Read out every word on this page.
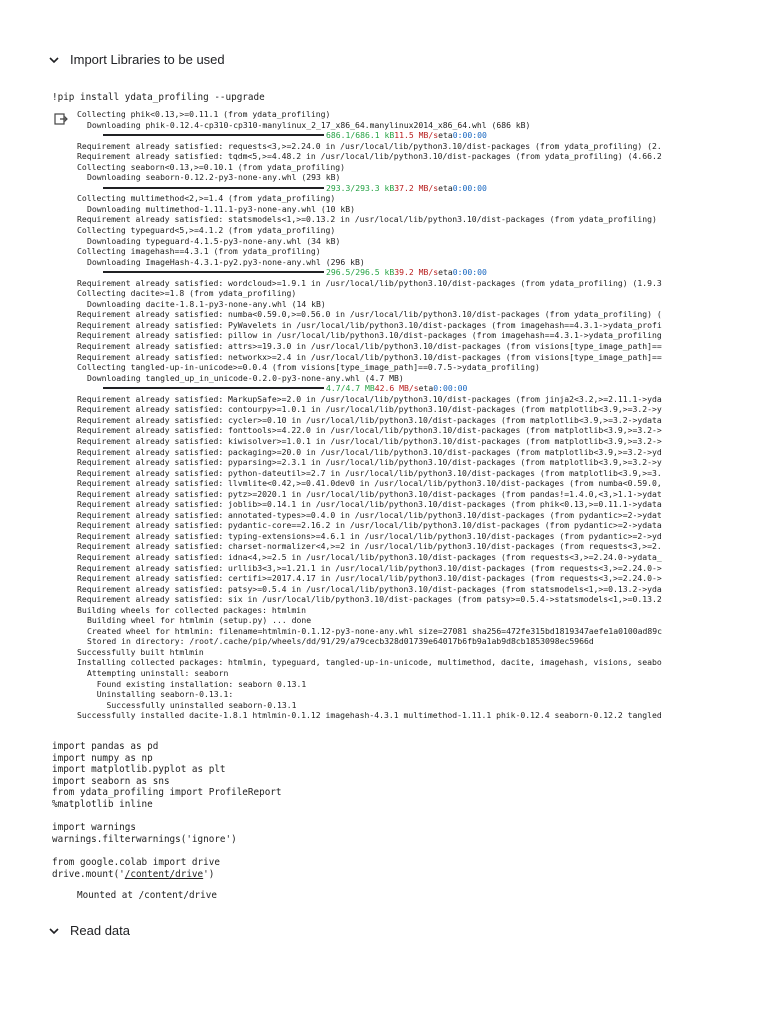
Import Libraries to be used
!pip install ydata_profiling --upgrade
Collecting phik<0.13,>=0.11.1 (from ydata_profiling)
Downloading phik-0.12.4-cp310-cp310-manylinux_2_17_x86_64.manylinux2014_x86_64.whl (686 kB)
686.1/686.1 kB 11.5 MB/s eta 0:00:00
Requirement already satisfied: requests<3,>=2.24.0 in /usr/local/lib/python3.10/dist-packages (from ydata_profiling) (2.
Requirement already satisfied: tqdm<5,>=4.48.2 in /usr/local/lib/python3.10/dist-packages (from ydata_profiling) (4.66.2
Collecting seaborn<0.13,>=0.10.1 (from ydata_profiling)
Downloading seaborn-0.12.2-py3-none-any.whl (293 kB)
293.3/293.3 kB 37.2 MB/s eta 0:00:00
Collecting multimethod<2,>=1.4 (from ydata_profiling)
Downloading multimethod-1.11.1-py3-none-any.whl (10 kB)
Requirement already satisfied: statsmodels<1,>=0.13.2 in /usr/local/lib/python3.10/dist-packages (from ydata_profiling)
Collecting typeguard<5,>=4.1.2 (from ydata_profiling)
Downloading typeguard-4.1.5-py3-none-any.whl (34 kB)
Collecting imagehash==4.3.1 (from ydata_profiling)
Downloading ImageHash-4.3.1-py2.py3-none-any.whl (296 kB)
296.5/296.5 kB 39.2 MB/s eta 0:00:00
Requirement already satisfied: wordcloud>=1.9.1 in /usr/local/lib/python3.10/dist-packages (from ydata_profiling) (1.9.3
Collecting dacite>=1.8 (from ydata_profiling)
Downloading dacite-1.8.1-py3-none-any.whl (14 kB)
Requirement already satisfied: numba<0.59.0,>=0.56.0 in /usr/local/lib/python3.10/dist-packages (from ydata_profiling) (
Requirement already satisfied: PyWavelets in /usr/local/lib/python3.10/dist-packages (from imagehash==4.3.1->ydata_profi
Requirement already satisfied: pillow in /usr/local/lib/python3.10/dist-packages (from imagehash==4.3.1->ydata_profiling
Requirement already satisfied: attrs>=19.3.0 in /usr/local/lib/python3.10/dist-packages (from visions[type_image_path]==
Requirement already satisfied: networkx>=2.4 in /usr/local/lib/python3.10/dist-packages (from visions[type_image_path]==
Collecting tangled-up-in-unicode>=0.0.4 (from visions[type_image_path]==0.7.5->ydata_profiling)
Downloading tangled_up_in_unicode-0.2.0-py3-none-any.whl (4.7 MB)
4.7/4.7 MB 42.6 MB/s eta 0:00:00
Requirement already satisfied: MarkupSafe>=2.0 in /usr/local/lib/python3.10/dist-packages (from jinja2<3.2,>=2.11.1->yda
Requirement already satisfied: contourpy>=1.0.1 in /usr/local/lib/python3.10/dist-packages (from matplotlib<3.9,>=3.2->y
Requirement already satisfied: cycler>=0.10 in /usr/local/lib/python3.10/dist-packages (from matplotlib<3.9,>=3.2->ydata
Requirement already satisfied: fonttools>=4.22.0 in /usr/local/lib/python3.10/dist-packages (from matplotlib<3.9,>=3.2->
Requirement already satisfied: kiwisolver>=1.0.1 in /usr/local/lib/python3.10/dist-packages (from matplotlib<3.9,>=3.2->
Requirement already satisfied: packaging>=20.0 in /usr/local/lib/python3.10/dist-packages (from matplotlib<3.9,>=3.2->yd
Requirement already satisfied: pyparsing>=2.3.1 in /usr/local/lib/python3.10/dist-packages (from matplotlib<3.9,>=3.2->y
Requirement already satisfied: python-dateutil>=2.7 in /usr/local/lib/python3.10/dist-packages (from matplotlib<3.9,>=3.
Requirement already satisfied: llvmlite<0.42,>=0.41.0dev0 in /usr/local/lib/python3.10/dist-packages (from numba<0.59.0,
Requirement already satisfied: pytz>=2020.1 in /usr/local/lib/python3.10/dist-packages (from pandas!=1.4.0,<3,>1.1->ydat
Requirement already satisfied: joblib>=0.14.1 in /usr/local/lib/python3.10/dist-packages (from phik<0.13,>=0.11.1->ydata
Requirement already satisfied: annotated-types>=0.4.0 in /usr/local/lib/python3.10/dist-packages (from pydantic>=2->ydat
Requirement already satisfied: pydantic-core==2.16.2 in /usr/local/lib/python3.10/dist-packages (from pydantic>=2->ydata
Requirement already satisfied: typing-extensions>=4.6.1 in /usr/local/lib/python3.10/dist-packages (from pydantic>=2->yd
Requirement already satisfied: charset-normalizer<4,>=2 in /usr/local/lib/python3.10/dist-packages (from requests<3,>=2.
Requirement already satisfied: idna<4,>=2.5 in /usr/local/lib/python3.10/dist-packages (from requests<3,>=2.24.0->ydata_
Requirement already satisfied: urllib3<3,>=1.21.1 in /usr/local/lib/python3.10/dist-packages (from requests<3,>=2.24.0->
Requirement already satisfied: certifi>=2017.4.17 in /usr/local/lib/python3.10/dist-packages (from requests<3,>=2.24.0->
Requirement already satisfied: patsy>=0.5.4 in /usr/local/lib/python3.10/dist-packages (from statsmodels<1,>=0.13.2->yda
Requirement already satisfied: six in /usr/local/lib/python3.10/dist-packages (from patsy>=0.5.4->statsmodels<1,>=0.13.2
Building wheels for collected packages: htmlmin
Building wheel for htmlmin (setup.py) ... done
Created wheel for htmlmin: filename=htmlmin-0.1.12-py3-none-any.whl size=27081 sha256=472fe315bd1819347aefe1a0100ad89c
Stored in directory: /root/.cache/pip/wheels/dd/91/29/a79cecb328d01739e64017b6fb9a1ab9d8cb1853098ec5966d
Successfully built htmlmin
Installing collected packages: htmlmin, typeguard, tangled-up-in-unicode, multimethod, dacite, imagehash, visions, seabo
Attempting uninstall: seaborn
Found existing installation: seaborn 0.13.1
Uninstalling seaborn-0.13.1:
Successfully uninstalled seaborn-0.13.1
Successfully installed dacite-1.8.1 htmlmin-0.1.12 imagehash-4.3.1 multimethod-1.11.1 phik-0.12.4 seaborn-0.12.2 tangled
import pandas as pd
import numpy as np
import matplotlib.pyplot as plt
import seaborn as sns
from ydata_profiling import ProfileReport
%matplotlib inline
import warnings
warnings.filterwarnings('ignore')
from google.colab import drive
drive.mount('/content/drive')
Mounted at /content/drive
Read data
